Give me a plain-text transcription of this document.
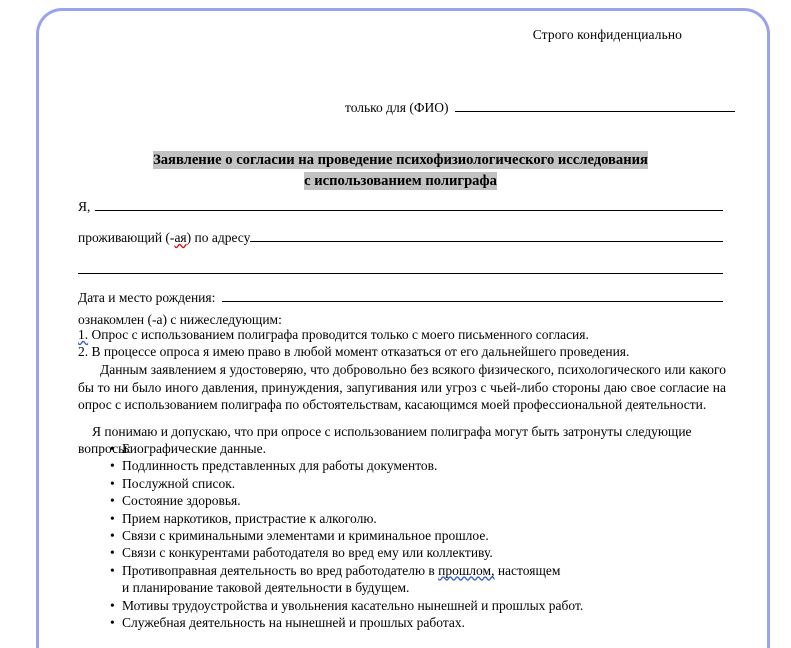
Строго конфиденциально
только для (ФИО)
Заявление о согласии на проведение психофизиологического исследования
с использованием полиграфа
Я,
проживающий (-ая) по адресу
Дата и место рождения:
ознакомлен (-а) с нижеследующим:
1. Опрос с использованием полиграфа проводится только с моего письменного согласия.
2. В процессе опроса я имею право в любой момент отказаться от его дальнейшего проведения.
Данным заявлением я удостоверяю, что добровольно без всякого физического, психологического или какого бы то ни было иного давления, принуждения, запугивания или угроз с чьей-либо стороны даю свое согласие на опрос с использованием полиграфа по обстоятельствам, касающимся моей профессиональной деятельности.
Я понимаю и допускаю, что при опросе с использованием полиграфа могут быть затронуты следующие вопросы:
• Биографические данные.
• Подлинность представленных для работы документов.
• Послужной список.
• Состояние здоровья.
• Прием наркотиков, пристрастие к алкоголю.
• Связи с криминальными элементами и криминальное прошлое.
• Связи с конкурентами работодателя во вред ему или коллективу.
• Противоправная деятельность во вред работодателю в прошлом, настоящем
и планирование таковой деятельности в будущем.
• Мотивы трудоустройства и увольнения касательно нынешней и прошлых работ.
• Служебная деятельность на нынешней и прошлых работах.
